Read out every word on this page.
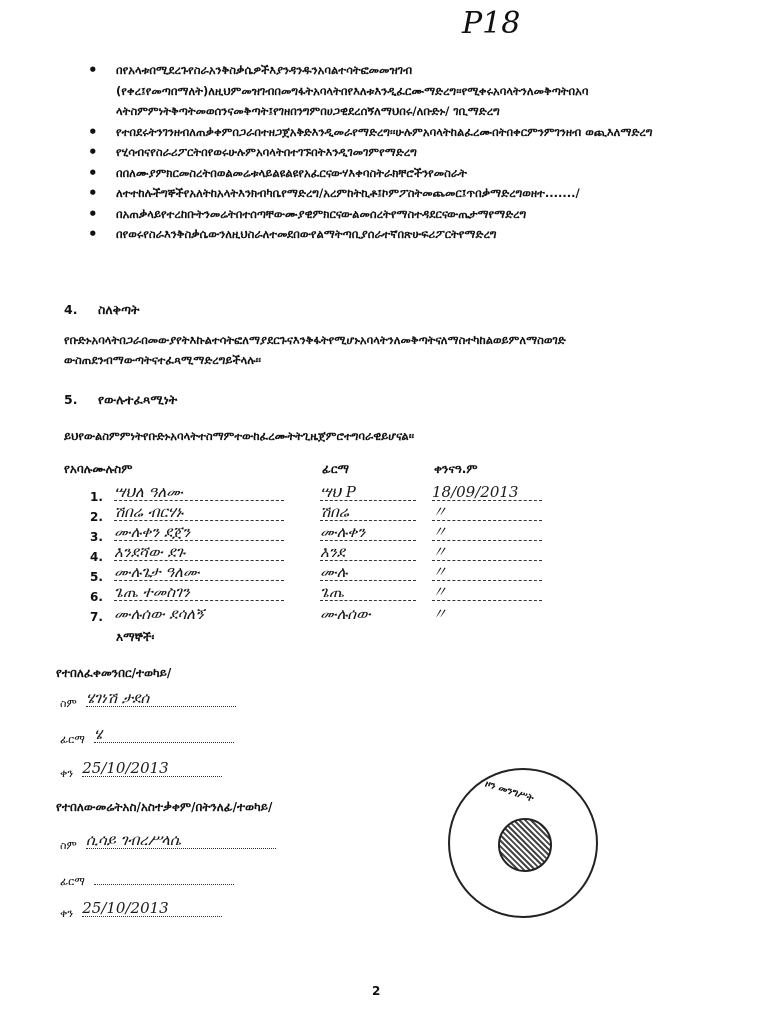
P18
• በየአላቱበሚደረጉየስራአንቅስቃሴዎችእያንዳንዱንአባልተሳትፎመመዝገብ (የቀረ፤የመጣበማለት)ለዚህምመዝገብበመግፋትአባላትበየእለቱእንዲፈርሙማድረግ፡፡የሚቀሩአባላትንለመቅጣትበአባ ላትስምምነትቅጣትመወሰንናመቅጣት፤የገዘበንግምበሀጋዊደረሰኝለማህበሩ/ለቡድኑ/ ገቢማድረግ
• የተበደሩትንገንዘብለጠቃቀምበጋራበተዘጋጀአቅድእንዲመራየማድረግ፡፡ሁሉምአባላትከልፈረሙበትበቀርምንምገንዘብ ወጪእለማድረግ
• የሂሳብናየስራሪፖርትበየወሩሁሉምአባላትበተገኙበትእንዲገመገምየማድረግ
• በበለሙያምክርመስረትበወልመሬቱላይልዩልዩየአፈርናውሃእቀባስትራክቸሮችንየመስራት
• ለተተከሉችግኞችየአለትከአላትእንክብካቤየማድረግ/አረምከትኪቶ፤ኮምፖስትመጨመር፤ጥበቃማድረግወዘተ......./
• በአጠቃላይየተረከቡትንመሬትበተሰጣቸውሙያዊምክርናውልመሰረትየማስተዳደርናውጤታማየማድረግ
• በየወሩየስራእንቅስቃሴውንለዚህስራለተመደበውየልማትጣቢያሰራተኛበጽሁፍሪፖርትየማድረግ
4. ስለቅጣት
የቡድኑአባላትበጋራበመውያየትእኩልተሳትፎለማያደርጉናእንቅፋትየሚሆኑአባላትንለመቅጣትናለማስተካከልወይምለማስወገድ ውስጠደንብማውጣትናተፈጻሚማድረግይችላሉ፡፡
5. የውሉተፈጻሚነት
ይህየውልስምምነትየቡድኑአባላትተስማምተውከፈረሙትትጊዜጀምሮተግባራዊይሆናል፡፡
የአባሉሙሉስም	ፊርማ	ቀንናዓ.ም
1. ሣህለ ዓለሙ	ሣህ P	18/09/2013
2. ሽበሬ ብርሃኑ	ሽበሬ	〃
3. ሙሉቀን ደጀን	ሙሉቀን	〃
4. እንደሻው ደጉ	እንደ	〃
5. ሙሉጌታ ዓለሙ	ሙሉ	〃
6. ጌጤ ተመስገን	ጌጤ	〃
7. ሙሉሰው ደሳለኝ	ሙሉሰው	〃
እማኞች፡
የተበለፈቀመንበር/ተወካይ/
ስም ሄገነሽ ታደሰ
ፊርማ ሄ
ቀን 25/10/2013
የተበለውመሬትአስ/አስተቃቀም/በትንለፊ/ተወካይ/
ስም ሲሳይ ገብረሥላሴ
ፊርማ
ቀን 25/10/2013
ዞን መንግሥት
2
